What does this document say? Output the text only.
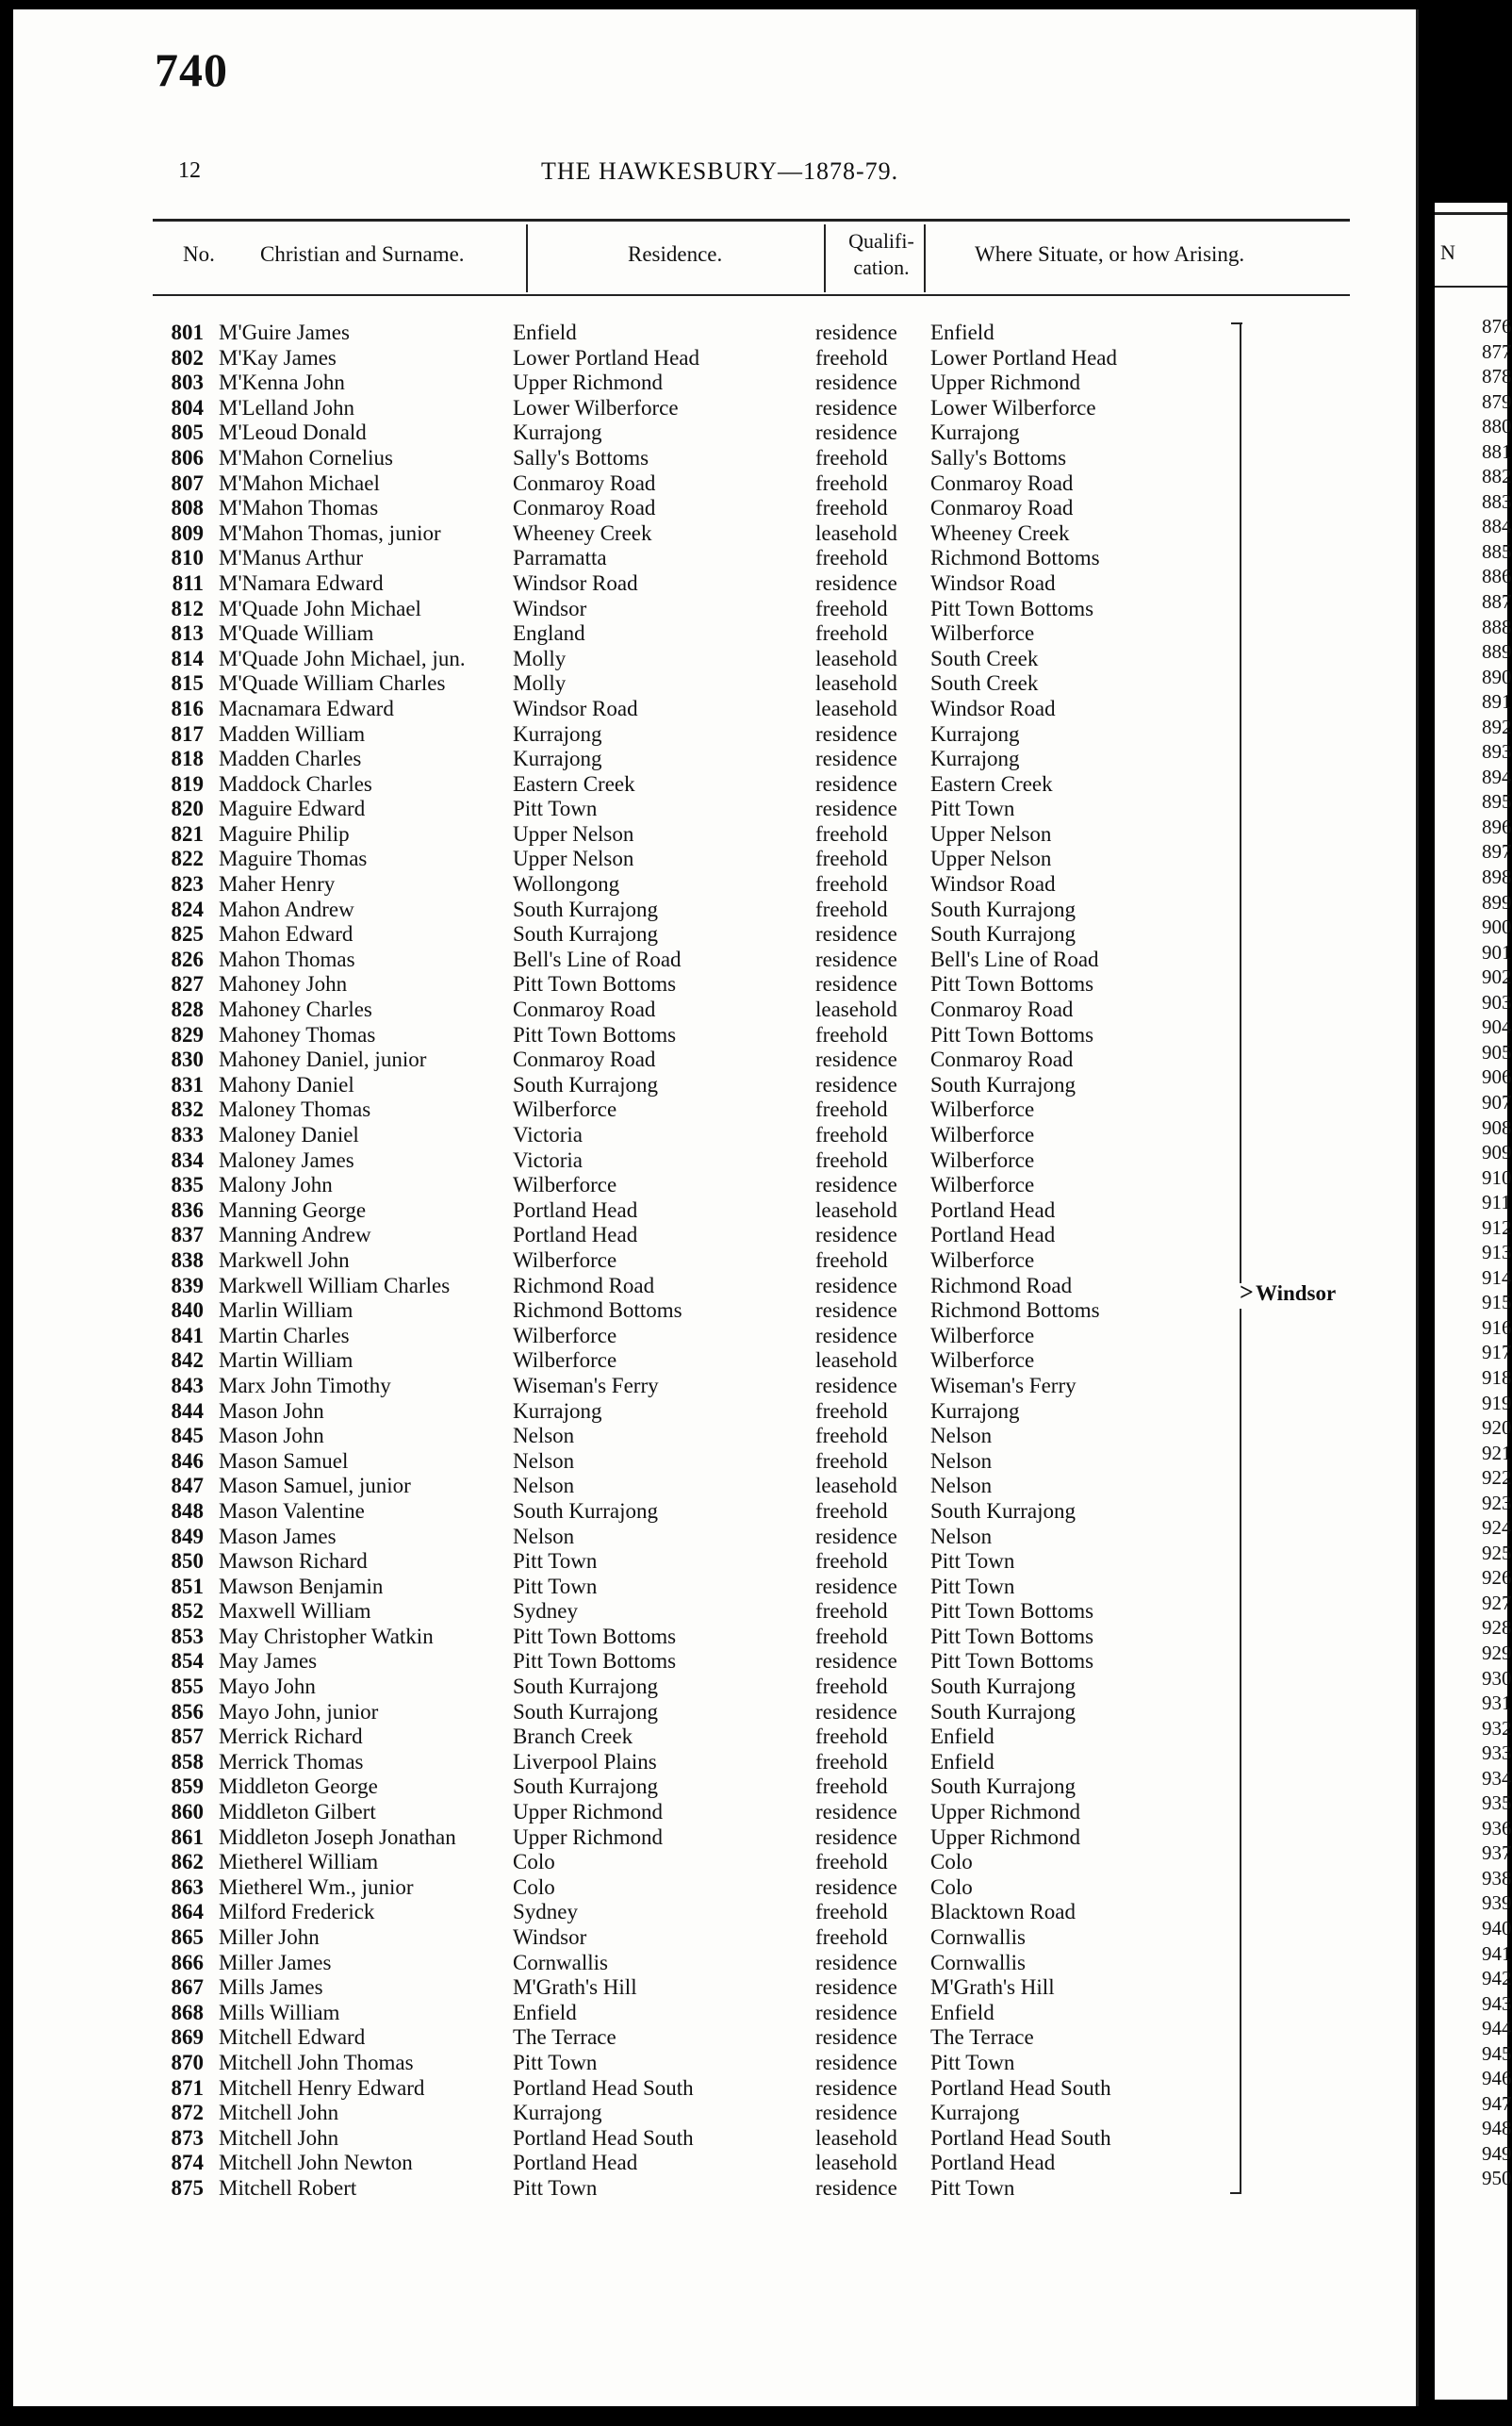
740
12	THE HAWKESBURY—1878-79.
No. Christian and Surname.	Residence.
Qualifi-
cation.
Where Situate, or how Arising.
801 M'Guire James	Enfield	residence Enfield
802 M'Kay James	Lower Portland Head	freehold Lower Portland Head
803 M'Kenna John	Upper Richmond	residence Upper Richmond
804 M'Lelland John	Lower Wilberforce	residence Lower Wilberforce
805 M'Leoud Donald	Kurrajong	residence Kurrajong
806 M'Mahon Cornelius	Sally's Bottoms	freehold Sally's Bottoms
807 M'Mahon Michael	Conmaroy Road	freehold Conmaroy Road
808 M'Mahon Thomas	Conmaroy Road	freehold Conmaroy Road
809 M'Mahon Thomas, junior	Wheeney Creek	leasehold Wheeney Creek
810 M'Manus Arthur	Parramatta	freehold Richmond Bottoms
811 M'Namara Edward	Windsor Road	residence Windsor Road
812 M'Quade John Michael	Windsor	freehold Pitt Town Bottoms
813 M'Quade William	England	freehold Wilberforce
814 M'Quade John Michael, jun. Molly	leasehold South Creek
815 M'Quade William Charles	Molly	leasehold South Creek
816 Macnamara Edward	Windsor Road	leasehold Windsor Road
817 Madden William	Kurrajong	residence Kurrajong
818 Madden Charles	Kurrajong	residence Kurrajong
819 Maddock Charles	Eastern Creek	residence Eastern Creek
820 Maguire Edward	Pitt Town	residence Pitt Town
821 Maguire Philip	Upper Nelson	freehold Upper Nelson
822 Maguire Thomas	Upper Nelson	freehold Upper Nelson
823 Maher Henry	Wollongong	freehold Windsor Road
824 Mahon Andrew	South Kurrajong	freehold South Kurrajong
825 Mahon Edward	South Kurrajong	residence South Kurrajong
826 Mahon Thomas	Bell's Line of Road	residence Bell's Line of Road
827 Mahoney John	Pitt Town Bottoms	residence Pitt Town Bottoms
828 Mahoney Charles	Conmaroy Road	leasehold Conmaroy Road
829 Mahoney Thomas	Pitt Town Bottoms	freehold Pitt Town Bottoms
830 Mahoney Daniel, junior	Conmaroy Road	residence Conmaroy Road
831 Mahony Daniel	South Kurrajong	residence South Kurrajong
832 Maloney Thomas	Wilberforce	freehold Wilberforce
833 Maloney Daniel	Victoria	freehold Wilberforce
834 Maloney James	Victoria	freehold Wilberforce
835 Malony John	Wilberforce	residence Wilberforce
836 Manning George	Portland Head	leasehold Portland Head
837 Manning Andrew	Portland Head	residence Portland Head
838 Markwell John	Wilberforce	freehold Wilberforce
839 Markwell William Charles	Richmond Road	residence Richmond Road
840 Marlin William	Richmond Bottoms	residence Richmond Bottoms
841 Martin Charles	Wilberforce	residence Wilberforce
842 Martin William	Wilberforce	leasehold Wilberforce
843 Marx John Timothy	Wiseman's Ferry	residence Wiseman's Ferry
844 Mason John	Kurrajong	freehold Kurrajong
845 Mason John	Nelson	freehold Nelson
846 Mason Samuel	Nelson	freehold Nelson
847 Mason Samuel, junior	Nelson	leasehold Nelson
848 Mason Valentine	South Kurrajong	freehold South Kurrajong
849 Mason James	Nelson	residence Nelson
850 Mawson Richard	Pitt Town	freehold Pitt Town
851 Mawson Benjamin	Pitt Town	residence Pitt Town
852 Maxwell William	Sydney	freehold Pitt Town Bottoms
853 May Christopher Watkin	Pitt Town Bottoms	freehold Pitt Town Bottoms
854 May James	Pitt Town Bottoms	residence Pitt Town Bottoms
855 Mayo John	South Kurrajong	freehold South Kurrajong
856 Mayo John, junior	South Kurrajong	residence South Kurrajong
857 Merrick Richard	Branch Creek	freehold Enfield
858 Merrick Thomas	Liverpool Plains	freehold Enfield
859 Middleton George	South Kurrajong	freehold South Kurrajong
860 Middleton Gilbert	Upper Richmond	residence Upper Richmond
861 Middleton Joseph Jonathan	Upper Richmond	residence Upper Richmond
862 Mietherel William	Colo	freehold Colo
863 Mietherel Wm., junior	Colo	residence Colo
864 Milford Frederick	Sydney	freehold Blacktown Road
865 Miller John	Windsor	freehold Cornwallis
866 Miller James	Cornwallis	residence Cornwallis
867 Mills James	M'Grath's Hill	residence M'Grath's Hill
868 Mills William	Enfield	residence Enfield
869 Mitchell Edward	The Terrace	residence The Terrace
870 Mitchell John Thomas	Pitt Town	residence Pitt Town
871 Mitchell Henry Edward	Portland Head South	residence Portland Head South
872 Mitchell John	Kurrajong	residence Kurrajong
873 Mitchell John	Portland Head South	leasehold Portland Head South
874 Mitchell John Newton	Portland Head	leasehold Portland Head
875 Mitchell Robert	Pitt Town	residence Pitt Town
> Windsor
N
876
877
878
879
880
881
882
883
884
885
886
887
888
889
890
891
892
893
894
895
896
897
898
899
900
901
902
903
904
905
906
907
908
909
910
911
912
913
914
915
916
917
918
919
920
921
922
923
924
925
926
927
928
929
930
931
932
933
934
935
936
937
938
939
940
941
942
943
944
945
946
947
948
949
950
